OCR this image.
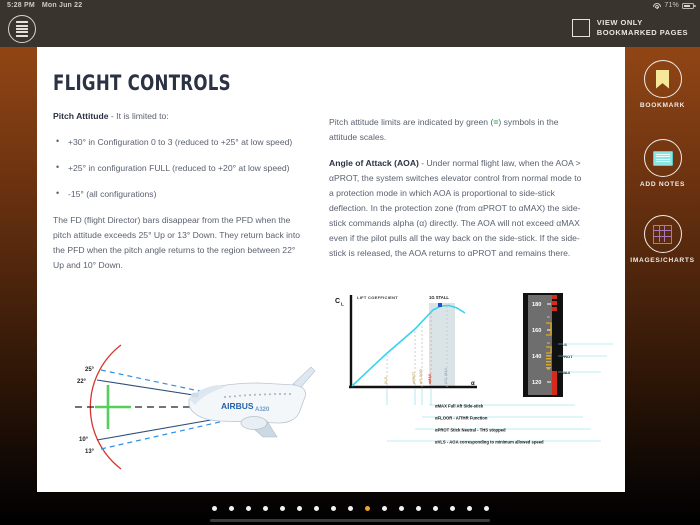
5:28 PM Mon Jun 22	71%
VIEW ONLY
BOOKMARKED PAGES
FLIGHT CONTROLS
Pitch Attitude - It is limited to:
• +30° in Configuration 0 to 3 (reduced to +25° at low speed)
• +25° in configuration FULL (reduced to +20° at low speed)
• -15° (all configurations)
The FD (flight Director) bars disappear from the PFD when the pitch attitude exceeds 25° Up or 13° Down. They return back into the PFD when the pitch angle returns to the region between 22° Up and 10° Down.
Pitch attitude limits are indicated by green (=) symbols in the attitude scales.
Angle of Attack (AOA) - Under normal flight law, when the AOA > αPROT, the system switches elevator control from normal mode to a protection mode in which AOA is proportional to side-stick deflection. In the protection zone (from αPROT to αMAX) the side-stick commands alpha (α) directly. The AOA will not exceed αMAX even if the pilot pulls all the way back on the side-stick. If the side-stick is released, the AOA returns to αPROT and remains there.
AIRBUS A320
25°
22°
10°
13°
C L
LIFT COEFFICIENT
α
1G STALL
VLS	αPROT αFLOOR αMAX	VCL MAX
180
160
140
120
VLS
αPROT
αMAX
αMAX Full Aft Side-stick
αFLOOR - A/THR Function
αPROT Stick Neutral - THS stopped
αVLS - AOA corresponding to minimum allowed speed
BOOKMARK
ADD NOTES
IMAGES/CHARTS
